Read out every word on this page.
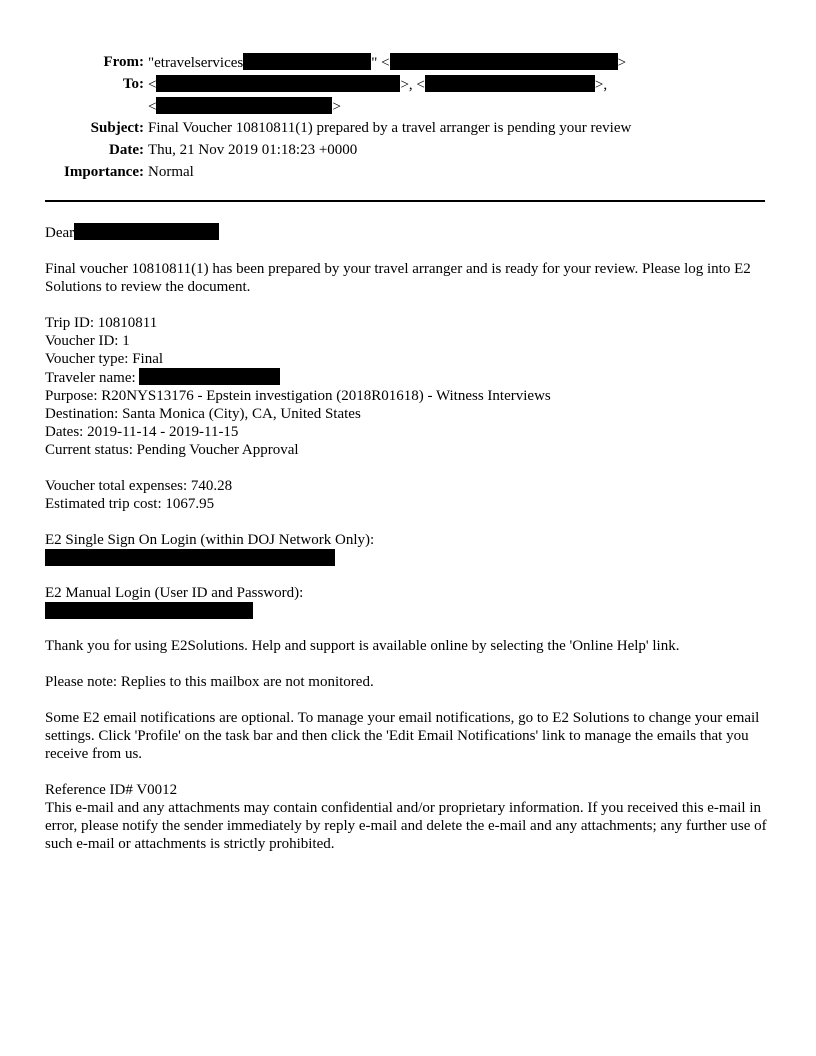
From: "etravelservices	" <	>
To: <	>, <	>,
<	>
Subject: Final Voucher 10810811(1) prepared by a travel arranger is pending your review
Date: Thu, 21 Nov 2019 01:18:23 +0000
Importance: Normal

Dear

Final voucher 10810811(1) has been prepared by your travel arranger and is ready for your review. Please log into E2 Solutions to review the document.

Trip ID: 10810811

Voucher ID: 1

Voucher type: Final

Traveler name:

Purpose: R20NYS13176 - Epstein investigation (2018R01618) - Witness Interviews

Destination: Santa Monica (City), CA, United States

Dates: 2019-11-14 - 2019-11-15

Current status: Pending Voucher Approval

Voucher total expenses: 740.28

Estimated trip cost: 1067.95

E2 Single Sign On Login (within DOJ Network Only):

E2 Manual Login (User ID and Password):

Thank you for using E2Solutions. Help and support is available online by selecting the 'Online Help' link.

Please note: Replies to this mailbox are not monitored.

Some E2 email notifications are optional. To manage your email notifications, go to E2 Solutions to change your email settings. Click 'Profile' on the task bar and then click the 'Edit Email Notifications' link to manage the emails that you receive from us.

Reference ID# V0012

This e-mail and any attachments may contain confidential and/or proprietary information. If you received this e-mail in error, please notify the sender immediately by reply e-mail and delete the e-mail and any attachments; any further use of such e-mail or attachments is strictly prohibited.
